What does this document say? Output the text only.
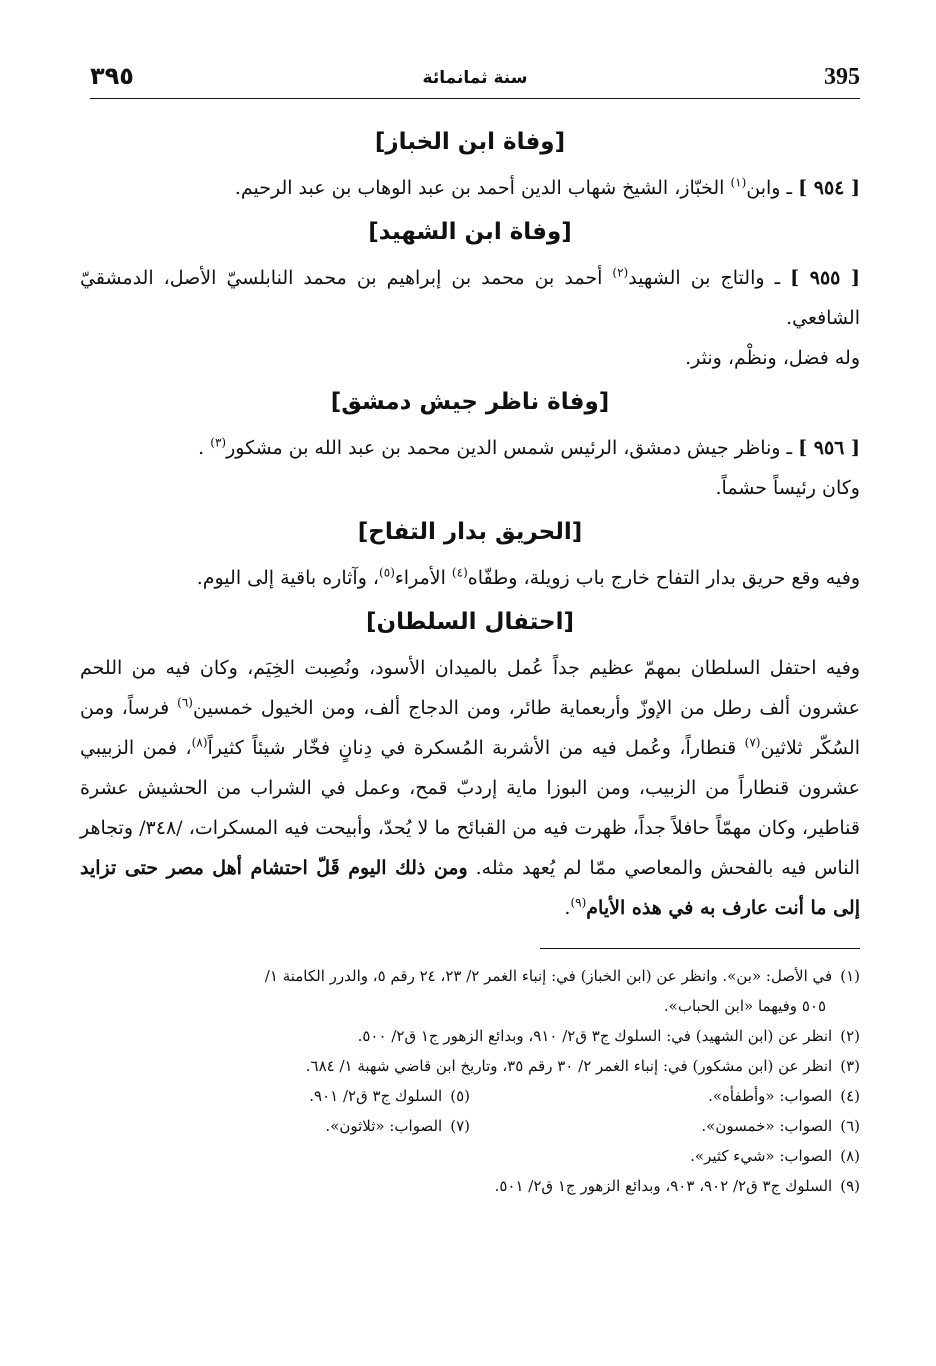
395
سنة ثمانمائة
٣٩٥
[وفاة ابن الخباز]

[ ٩٥٤ ] ـ وابن$^{(١)}$ الخبّاز، الشيخ شهاب الدين أحمد بن عبد الوهاب بن عبد الرحيم.

[وفاة ابن الشهيد]

[ ٩٥٥ ] ـ والتاج بن الشهيد$^{(٢)}$ أحمد بن محمد بن إبراهيم بن محمد النابلسيّ الأصل، الدمشقيّ الشافعي.

وله فضل، ونظْم، ونثر.

[وفاة ناظر جيش دمشق]

[ ٩٥٦ ] ـ وناظر جيش دمشق، الرئيس شمس الدين محمد بن عبد الله بن مشكور$^{(٣)}$ .

وكان رئيساً حشماً.

[الحريق بدار التفاح]

وفيه وقع حريق بدار التفاح خارج باب زويلة، وطفّاه$^{(٤)}$ الأمراء$^{(٥)}$، وآثاره باقية إلى اليوم.

[احتفال السلطان]

وفيه احتفل السلطان بمهمّ عظيم جداً عُمل بالميدان الأسود، ونُصِبت الخِيَم، وكان فيه من اللحم عشرون ألف رطل من الإوزّ وأربعماية طائر، ومن الدجاج ألف، ومن الخيول خمسين$^{(٦)}$ فرساً، ومن السُكّر ثلاثين$^{(٧)}$ قنطاراً، وعُمل فيه من الأشربة المُسكرة في دِنانٍ فخّار شيئاً كثيراً$^{(٨)}$، فمن الزبيبي عشرون قنطاراً من الزبيب، ومن البوزا ماية إردبّ قمح، وعمل في الشراب من الحشيش عشرة قناطير، وكان مهمّاً حافلاً جداً، ظهرت فيه من القبائح ما لا يُحدّ، وأبيحت فيه المسكرات، /٣٤٨/ وتجاهر الناس فيه بالفحش والمعاصي ممّا لم يُعهد مثله. ومن ذلك اليوم قَلّ احتشام أهل مصر حتى تزايد إلى ما أنت عارف به في هذه الأيام$^{(٩)}$.

(١)في الأصل: «بن». وانظر عن (ابن الخباز) في: إنباء الغمر ٢/ ٢٣، ٢٤ رقم ٥، والدرر الكامنة ١/

٥٠٥ وفيهما «ابن الحباب».

(٢)انظر عن (ابن الشهيد) في: السلوك ج٣ ق٢/ ٩١٠، وبدائع الزهور ج١ ق٢/ ٥٠٠.

(٣)انظر عن (ابن مشكور) في: إنباء الغمر ٢/ ٣٠ رقم ٣٥، وتاريخ ابن قاضي شهبة ١/ ٦٨٤.

(٤)الصواب: «وأطفأه».
(٥)السلوك ج٣ ق٢/ ٩٠١.
(٦)الصواب: «خمسون».
(٧)الصواب: «ثلاثون».

(٨)الصواب: «شيء كثير».

(٩)السلوك ج٣ ق٢/ ٩٠٢، ٩٠٣، وبدائع الزهور ج١ ق٢/ ٥٠١.
